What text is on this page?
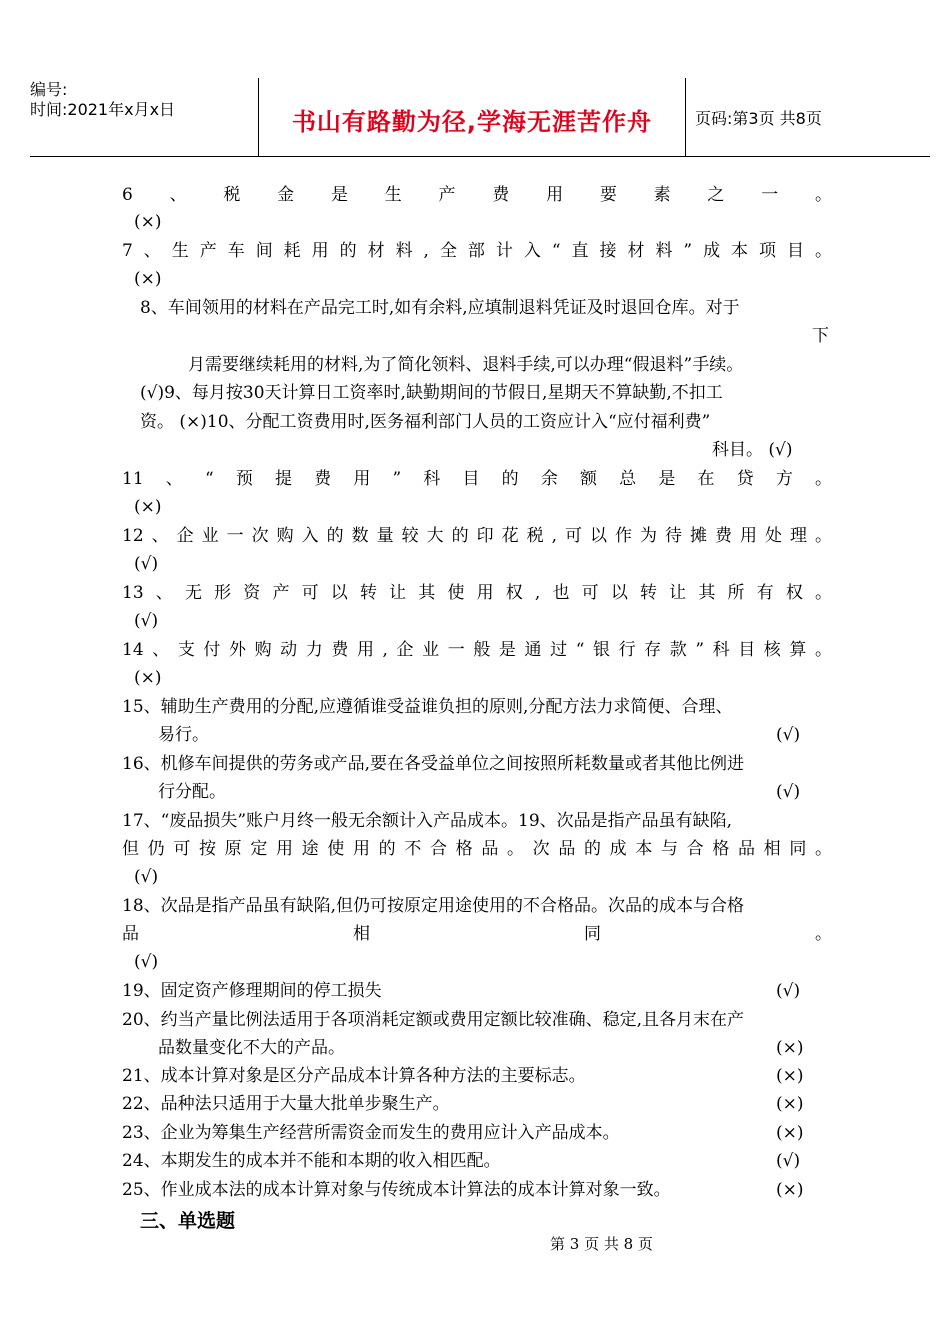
编号:
时间:2021年x月x日	书山有路勤为径,学海无涯苦作舟	页码:第3页 共8页
6、税金是生产费用要素之一。
(×)
7、生产车间耗用的材料,全部计入“直接材料”成本项目。
(×)
8、车间领用的材料在产品完工时,如有余料,应填制退料凭证及时退回仓库。对于
下
月需要继续耗用的材料,为了简化领料、退料手续,可以办理“假退料”手续。
(√)9、每月按30天计算日工资率时,缺勤期间的节假日,星期天不算缺勤,不扣工
资。 (×)10、分配工资费用时,医务福利部门人员的工资应计入“应付福利费”
科目。 (√)
11、“预提费用”科目的余额总是在贷方。
(×)
12、企业一次购入的数量较大的印花税,可以作为待摊费用处理。
(√)
13、无形资产可以转让其使用权,也可以转让其所有权。
(√)
14、支付外购动力费用,企业一般是通过“银行存款”科目核算。
(×)
15、辅助生产费用的分配,应遵循谁受益谁负担的原则,分配方法力求简便、合理、
易行。	(√)
16、机修车间提供的劳务或产品,要在各受益单位之间按照所耗数量或者其他比例进
行分配。	(√)
17、“废品损失”账户月终一般无余额计入产品成本。19、次品是指产品虽有缺陷,
但仍可按原定用途使用的不合格品。次品的成本与合格品相同。
(√)
18、次品是指产品虽有缺陷,但仍可按原定用途使用的不合格品。次品的成本与合格
品相同。
(√)
19、固定资产修理期间的停工损失	(√)
20、约当产量比例法适用于各项消耗定额或费用定额比较准确、稳定,且各月末在产
品数量变化不大的产品。	(×)
21、成本计算对象是区分产品成本计算各种方法的主要标志。	(×)
22、品种法只适用于大量大批单步聚生产。	(×)
23、企业为筹集生产经营所需资金而发生的费用应计入产品成本。	(×)
24、本期发生的成本并不能和本期的收入相匹配。	(√)
25、作业成本法的成本计算对象与传统成本计算法的成本计算对象一致。	(×)
三、单选题
第 3 页 共 8 页
